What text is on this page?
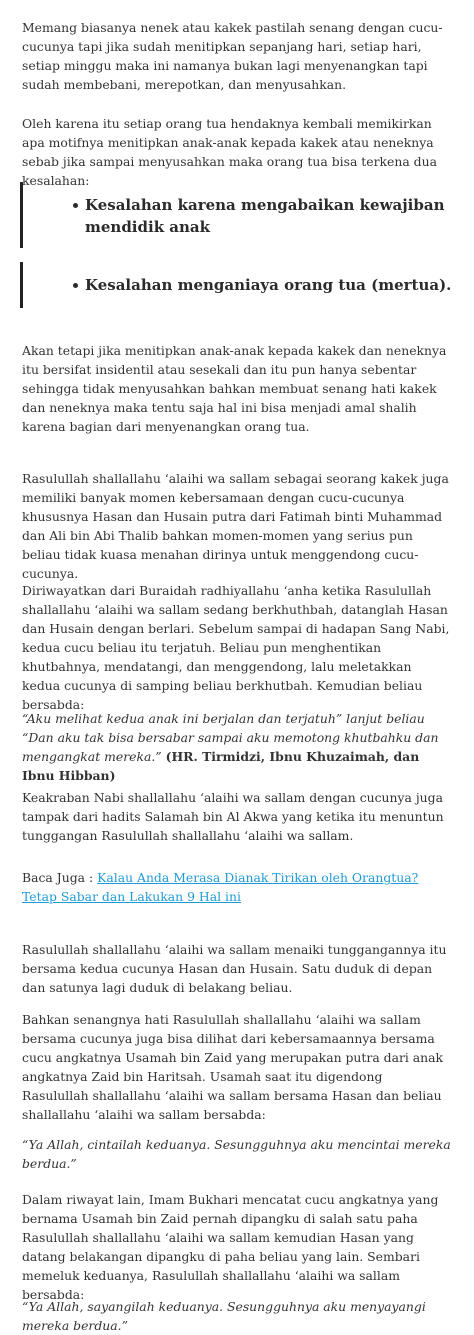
Memang biasanya nenek atau kakek pastilah senang dengan cucu-cucunya tapi jika sudah menitipkan sepanjang hari, setiap hari, setiap minggu maka ini namanya bukan lagi menyenangkan tapi sudah membebani, merepotkan, dan menyusahkan.

Oleh karena itu setiap orang tua hendaknya kembali memikirkan apa motifnya menitipkan anak-anak kepada kakek atau neneknya sebab jika sampai menyusahkan maka orang tua bisa terkena dua kesalahan:

Kesalahan karena mengabaikan kewajiban mendidik anak
Kesalahan menganiaya orang tua (mertua).

Akan tetapi jika menitipkan anak-anak kepada kakek dan neneknya itu bersifat insidentil atau sesekali dan itu pun hanya sebentar sehingga tidak menyusahkan bahkan membuat senang hati kakek dan neneknya maka tentu saja hal ini bisa menjadi amal shalih karena bagian dari menyenangkan orang tua.

Rasulullah shallallahu ‘alaihi wa sallam sebagai seorang kakek juga memiliki banyak momen kebersamaan dengan cucu-cucunya khususnya Hasan dan Husain putra dari Fatimah binti Muhammad dan Ali bin Abi Thalib bahkan momen-momen yang serius pun beliau tidak kuasa menahan dirinya untuk menggendong cucu-cucunya.

Diriwayatkan dari Buraidah radhiyallahu ‘anha ketika Rasulullah shallallahu ‘alaihi wa sallam sedang berkhuthbah, datanglah Hasan dan Husain dengan berlari. Sebelum sampai di hadapan Sang Nabi, kedua cucu beliau itu terjatuh. Beliau pun menghentikan khutbahnya, mendatangi, dan menggendong, lalu meletakkan kedua cucunya di samping beliau berkhutbah. Kemudian beliau bersabda:

“Aku melihat kedua anak ini berjalan dan terjatuh” lanjut beliau “Dan aku tak bisa bersabar sampai aku memotong khutbahku dan mengangkat mereka.” (HR. Tirmidzi, Ibnu Khuzaimah, dan Ibnu Hibban)

Keakraban Nabi shallallahu ‘alaihi wa sallam dengan cucunya juga tampak dari hadits Salamah bin Al Akwa yang ketika itu menuntun tunggangan Rasulullah shallallahu ‘alaihi wa sallam.

Baca Juga : Kalau Anda Merasa Dianak Tirikan oleh Orangtua? Tetap Sabar dan Lakukan 9 Hal ini

Rasulullah shallallahu ‘alaihi wa sallam menaiki tunggangannya itu bersama kedua cucunya Hasan dan Husain. Satu duduk di depan dan satunya lagi duduk di belakang beliau.

Bahkan senangnya hati Rasulullah shallallahu ‘alaihi wa sallam bersama cucunya juga bisa dilihat dari kebersamaannya bersama cucu angkatnya Usamah bin Zaid yang merupakan putra dari anak angkatnya Zaid bin Haritsah. Usamah saat itu digendong Rasulullah shallallahu ‘alaihi wa sallam bersama Hasan dan beliau shallallahu ‘alaihi wa sallam bersabda:

“Ya Allah, cintailah keduanya. Sesungguhnya aku mencintai mereka berdua.”

Dalam riwayat lain, Imam Bukhari mencatat cucu angkatnya yang bernama Usamah bin Zaid pernah dipangku di salah satu paha Rasulullah shallallahu ‘alaihi wa sallam kemudian Hasan yang datang belakangan dipangku di paha beliau yang lain. Sembari memeluk keduanya, Rasulullah shallallahu ‘alaihi wa sallam bersabda:

“Ya Allah, sayangilah keduanya. Sesungguhnya aku menyayangi mereka berdua.”
